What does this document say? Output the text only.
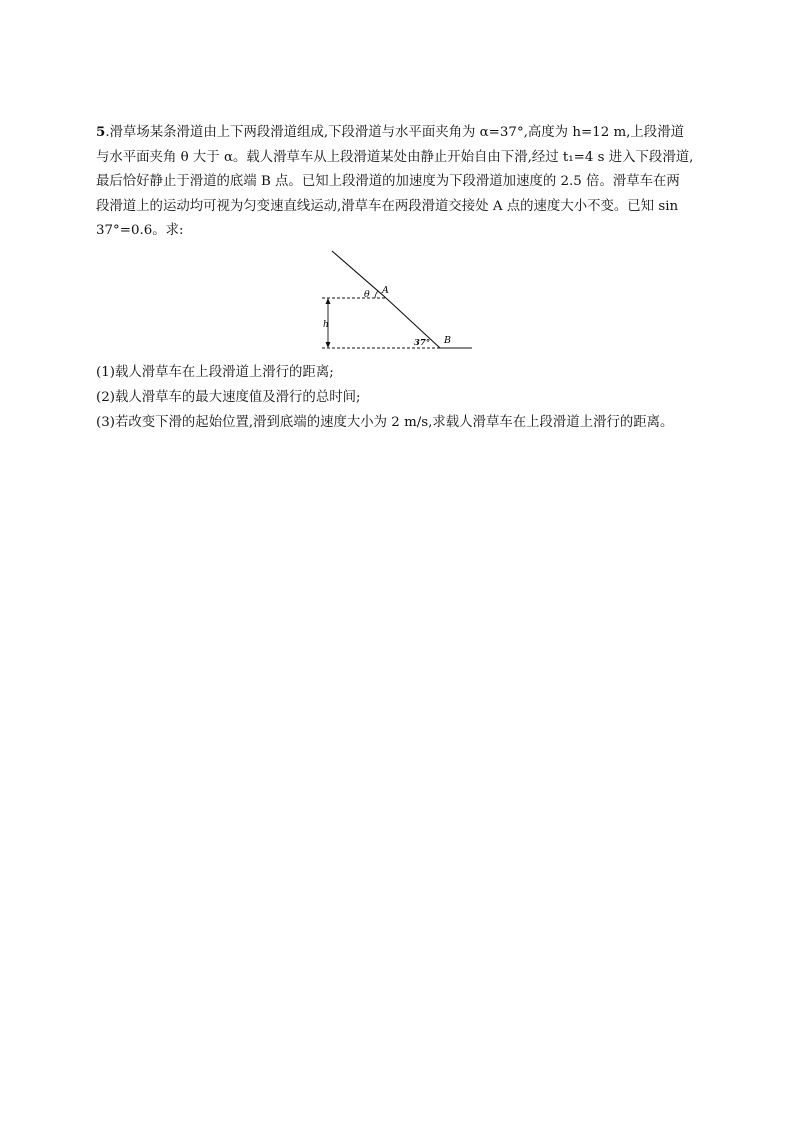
5.滑草场某条滑道由上下两段滑道组成,下段滑道与水平面夹角为 α=37°,高度为 h=12 m,上段滑道

与水平面夹角 θ 大于 α。载人滑草车从上段滑道某处由静止开始自由下滑,经过 t₁=4 s 进入下段滑道,

最后恰好静止于滑道的底端 B 点。已知上段滑道的加速度为下段滑道加速度的 2.5 倍。滑草车在两

段滑道上的运动均可视为匀变速直线运动,滑草车在两段滑道交接处 A 点的速度大小不变。已知 sin

37°=0.6。求:

θ A
h
37° B

(1)载人滑草车在上段滑道上滑行的距离;

(2)载人滑草车的最大速度值及滑行的总时间;

(3)若改变下滑的起始位置,滑到底端的速度大小为 2 m/s,求载人滑草车在上段滑道上滑行的距离。
